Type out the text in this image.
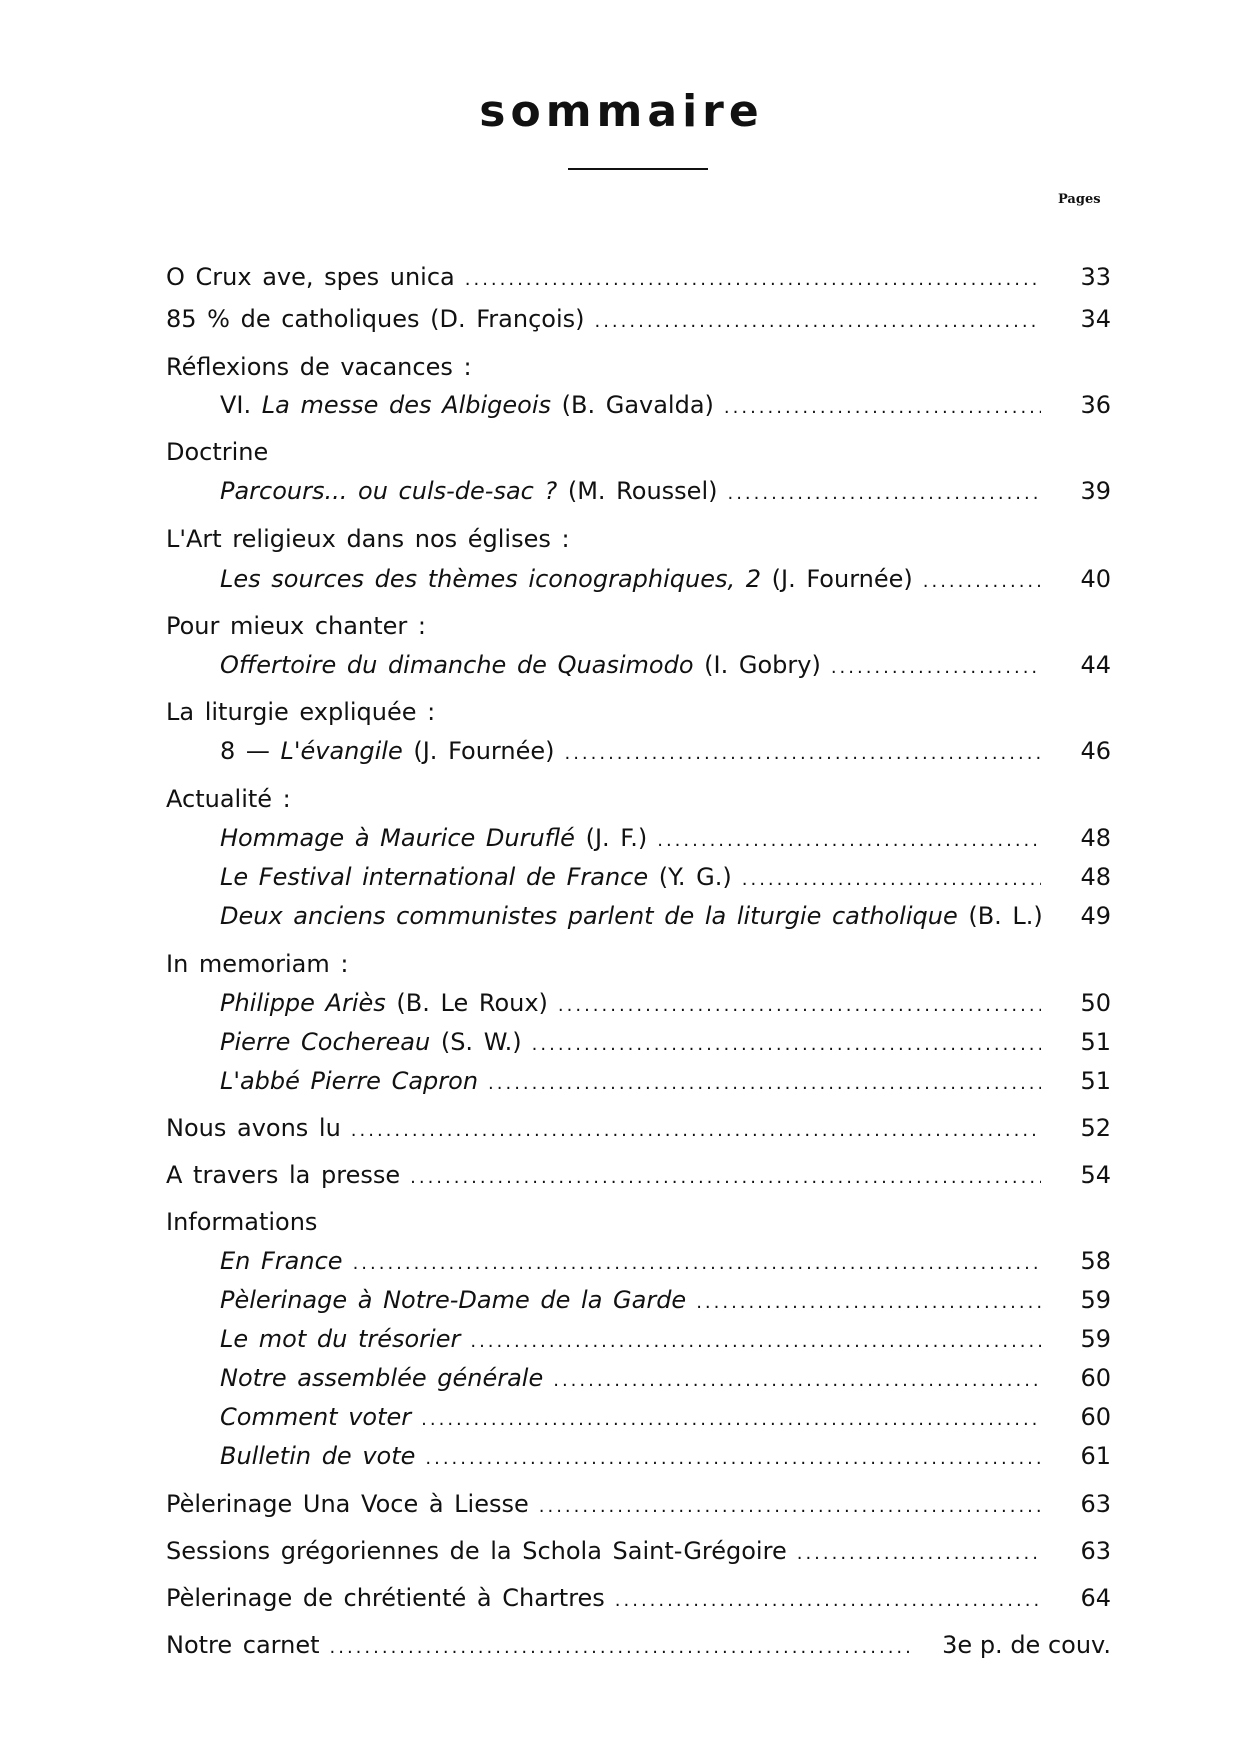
sommaire
Pages
O Crux ave, spes unica .....	33
85 % de catholiques (D. François) .....	34
Réflexions de vacances :
VI. La messe des Albigeois (B. Gavalda) .....	36
Doctrine
Parcours... ou culs-de-sac ? (M. Roussel) .....	39
L'Art religieux dans nos églises :
Les sources des thèmes iconographiques, 2 (J. Fournée) .....	40
Pour mieux chanter :
Offertoire du dimanche de Quasimodo (I. Gobry) .....	44
La liturgie expliquée :
8 — L'évangile (J. Fournée) .....	46
Actualité :
Hommage à Maurice Duruflé (J. F.) .....	48
Le Festival international de France (Y. G.) .....	48
Deux anciens communistes parlent de la liturgie catholique (B. L.)	49
In memoriam :
Philippe Ariès (B. Le Roux) .....	50
Pierre Cochereau (S. W.) .....	51
L'abbé Pierre Capron .....	51
Nous avons lu .....	52
A travers la presse .....	54
Informations
En France .....	58
Pèlerinage à Notre-Dame de la Garde .....	59
Le mot du trésorier .....	59
Notre assemblée générale .....	60
Comment voter .....	60
Bulletin de vote .....	61
Pèlerinage Una Voce à Liesse .....	63
Sessions grégoriennes de la Schola Saint-Grégoire .....	63
Pèlerinage de chrétienté à Chartres .....	64
Notre carnet .....	3e p. de couv.
